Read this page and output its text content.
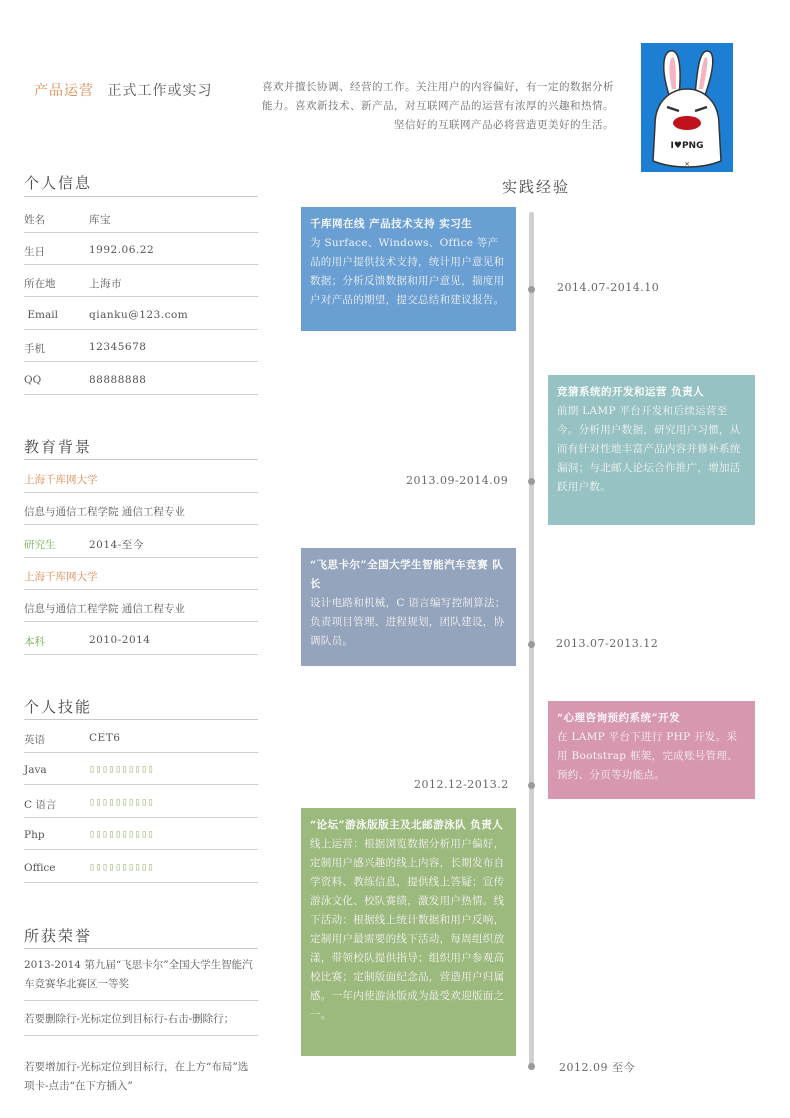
产品运营 正式工作或实习	喜欢并擅长协调、经营的工作。关注用户的内容偏好，有一定的数据分析能力。喜欢新技术、新产品，对互联网产品的运营有浓厚的兴趣和热情。坚信好的互联网产品必将营造更美好的生活。
I♥PNG
×
个人信息
姓名	库宝
生日	1992.06.22
所在地	上海市
Email	qianku@123.com
手机	12345678
QQ	88888888
教育背景
上海千库网大学
信息与通信工程学院 通信工程专业
研究生	2014-至今
上海千库网大学
信息与通信工程学院 通信工程专业
本科	2010-2014
个人技能
英语	CET6
Java	▯▯▯▯▯▯▯▯▯▯
C 语言	▯▯▯▯▯▯▯▯▯▯
Php	▯▯▯▯▯▯▯▯▯▯
Office	▯▯▯▯▯▯▯▯▯▯
所获荣誉
2013-2014 第九届“飞思卡尔”全国大学生智能汽车竞赛华北赛区一等奖
若要删除行-光标定位到目标行-右击-删除行；
若要增加行-光标定位到目标行，在上方“布局”选项卡-点击“在下方插入”
实践经验
千库网在线 产品技术支持 实习生
为 Surface、Windows、Office 等产品的用户提供技术支持，统计用户意见和数据；分析反馈数据和用户意见，揣度用户对产品的期望，提交总结和建议报告。
2014.07-2014.10
竞猜系统的开发和运营 负责人
前期 LAMP 平台开发和后续运营至今。分析用户数据，研究用户习惯，从而有针对性地丰富产品内容并修补系统漏洞；与北邮人论坛合作推广，增加活跃用户数。
2013.09-2014.09
“飞思卡尔”全国大学生智能汽车竞赛 队长
设计电路和机械，C 语言编写控制算法；负责项目管理、进程规划，团队建设，协调队员。	2013.07-2013.12
“心理咨询预约系统”开发
在 LAMP 平台下进行 PHP 开发。采用 Bootstrap 框架，完成账号管理、预约、分页等功能点。
2012.12-2013.2
“论坛”游泳版版主及北邮游泳队 负责人
线上运营：根据浏览数据分析用户偏好，定制用户感兴趣的线上内容，长期发布自学资料、教练信息，提供线上答疑；宣传游泳文化、校队赛绩，激发用户热情。线下活动：根据线上统计数据和用户反响，定制用户最需要的线下活动，每周组织放漾，带领校队提供指导；组织用户参观高校比赛；定制版面纪念品，营造用户归属感。一年内使游泳版成为最受欢迎版面之一。
2012.09 至今
